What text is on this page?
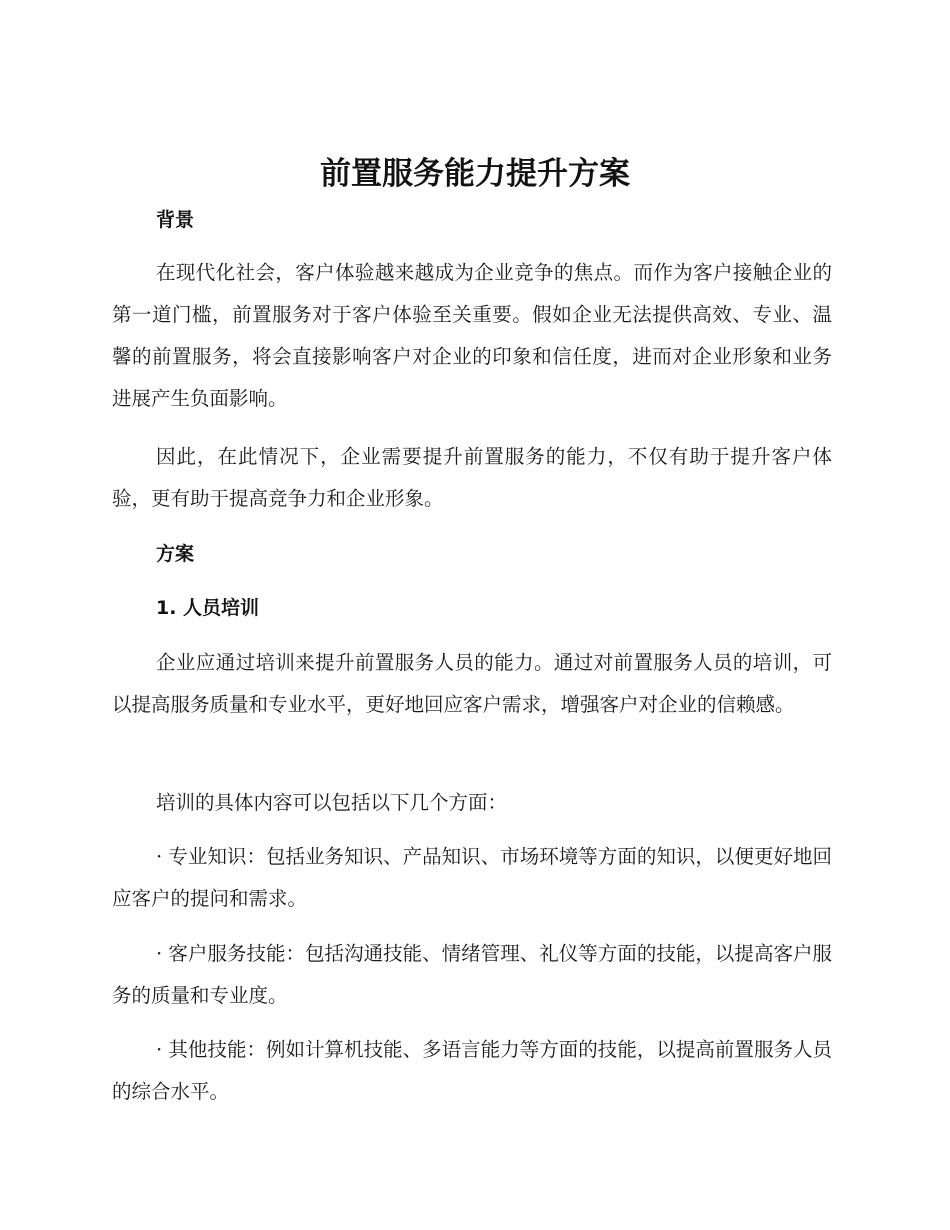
前置服务能力提升方案
背景
在现代化社会，客户体验越来越成为企业竞争的焦点。而作为客户接触企业的第一道门槛，前置服务对于客户体验至关重要。假如企业无法提供高效、专业、温馨的前置服务，将会直接影响客户对企业的印象和信任度，进而对企业形象和业务进展产生负面影响。
因此，在此情况下，企业需要提升前置服务的能力，不仅有助于提升客户体验，更有助于提高竞争力和企业形象。
方案
1. 人员培训
企业应通过培训来提升前置服务人员的能力。通过对前置服务人员的培训，可以提高服务质量和专业水平，更好地回应客户需求，增强客户对企业的信赖感。
培训的具体内容可以包括以下几个方面：
· 专业知识：包括业务知识、产品知识、市场环境等方面的知识，以便更好地回应客户的提问和需求。
· 客户服务技能：包括沟通技能、情绪管理、礼仪等方面的技能，以提高客户服务的质量和专业度。
· 其他技能：例如计算机技能、多语言能力等方面的技能，以提高前置服务人员的综合水平。
